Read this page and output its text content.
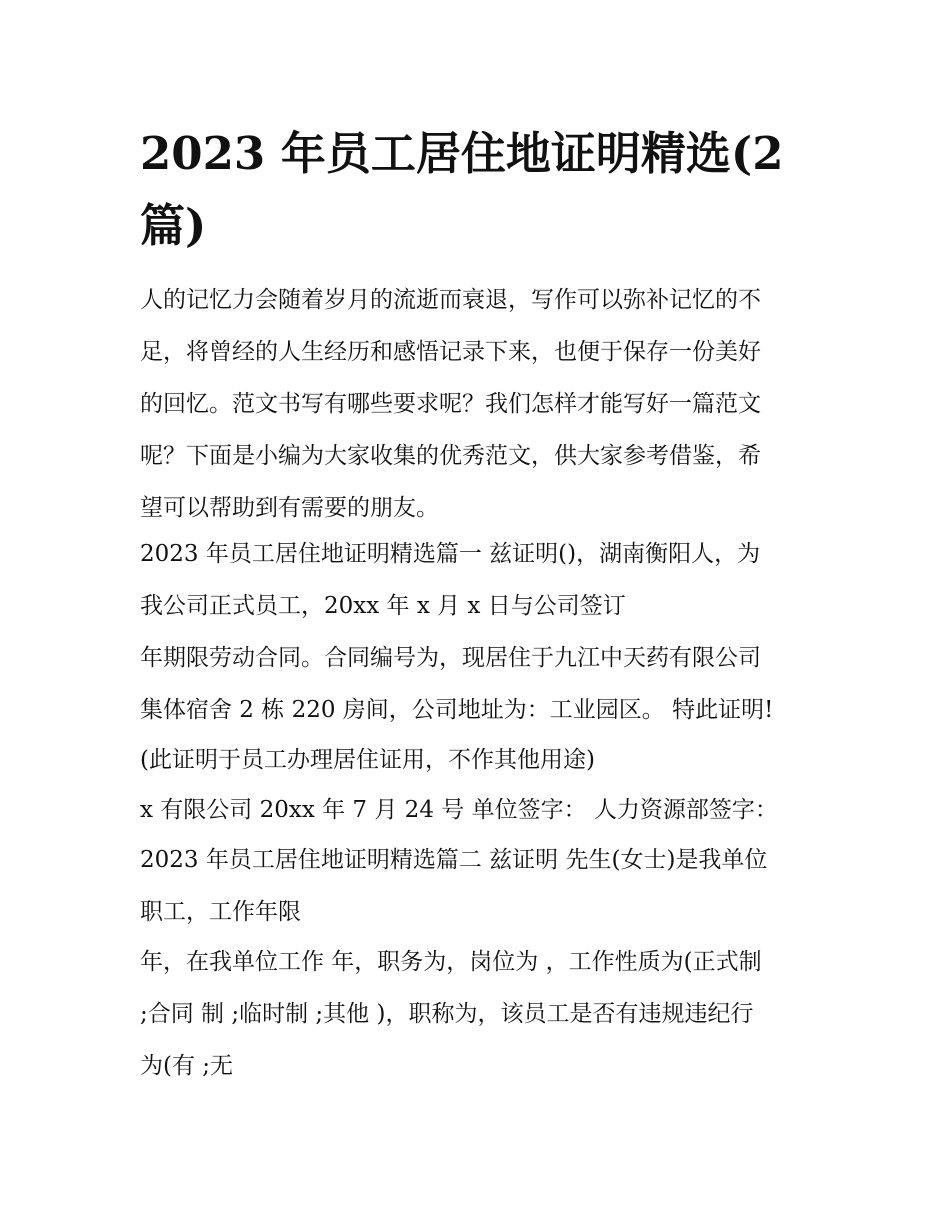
2023 年员工居住地证明精选(2
篇)
人的记忆力会随着岁月的流逝而衰退，写作可以弥补记忆的不
足，将曾经的人生经历和感悟记录下来，也便于保存一份美好
的回忆。范文书写有哪些要求呢？我们怎样才能写好一篇范文
呢？下面是小编为大家收集的优秀范文，供大家参考借鉴，希
望可以帮助到有需要的朋友。
2023 年员工居住地证明精选篇一 兹证明()，湖南衡阳人，为
我公司正式员工，20xx 年 x 月 x 日与公司签订
年期限劳动合同。合同编号为，现居住于九江中天药有限公司
集体宿舍 2 栋 220 房间，公司地址为：工业园区。 特此证明!
(此证明于员工办理居住证用，不作其他用途)
x 有限公司 20xx 年 7 月 24 号 单位签字： 人力资源部签字：
2023 年员工居住地证明精选篇二 兹证明 先生(女士)是我单位
职工，工作年限
年，在我单位工作 年，职务为，岗位为 ，工作性质为(正式制
;合同 制 ;临时制 ;其他 )，职称为，该员工是否有违规违纪行
为(有 ;无
